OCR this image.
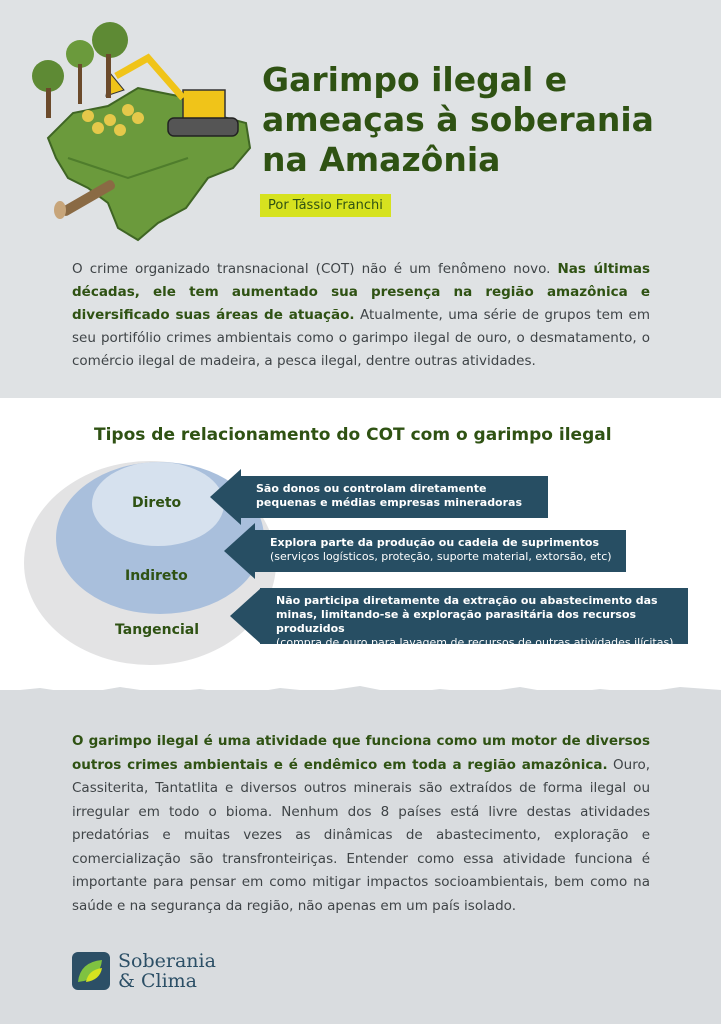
Garimpo ilegal e ameaças à soberania na Amazônia
Por Tássio Franchi

O crime organizado transnacional (COT) não é um fenômeno novo. Nas últimas décadas, ele tem aumentado sua presença na região amazônica e diversificado suas áreas de atuação. Atualmente, uma série de grupos tem em seu portifólio crimes ambientais como o garimpo ilegal de ouro, o desmatamento, o comércio ilegal de madeira, a pesca ilegal, dentre outras atividades.

Tipos de relacionamento do COT com o garimpo ilegal
Direto
Indireto
Tangencial
São donos ou controlam diretamente pequenas e médias empresas mineradoras
Explora parte da produção ou cadeia de suprimentos
(serviços logísticos, proteção, suporte material, extorsão, etc)
Não participa diretamente da extração ou abastecimento das minas, limitando-se à exploração parasitária dos recursos produzidos
(compra de ouro para lavagem de recursos de outras atividades ilícitas)

O garimpo ilegal é uma atividade que funciona como um motor de diversos outros crimes ambientais e é endêmico em toda a região amazônica. Ouro, Cassiterita, Tantatlita e diversos outros minerais são extraídos de forma ilegal ou irregular em todo o bioma. Nenhum dos 8 países está livre destas atividades predatórias e muitas vezes as dinâmicas de abastecimento, exploração e comercialização são transfronteiriças. Entender como essa atividade funciona é importante para pensar em como mitigar impactos socioambientais, bem como na saúde e na segurança da região, não apenas em um país isolado.

Soberania
& Clima
